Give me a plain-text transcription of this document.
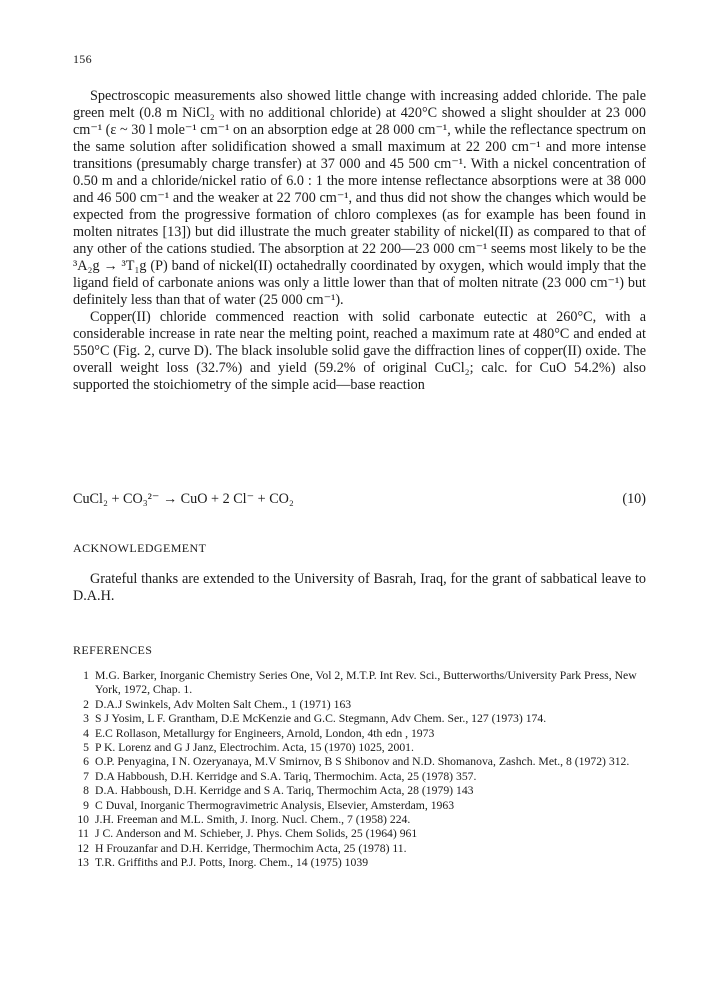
156

Spectroscopic measurements also showed little change with increasing added chloride. The pale green melt (0.8 m NiCl₂ with no additional chloride) at 420°C showed a slight shoulder at 23 000 cm⁻¹ (ε ~ 30 l mole⁻¹ cm⁻¹ on an absorption edge at 28 000 cm⁻¹, while the reflectance spectrum on the same solution after solidification showed a small maximum at 22 200 cm⁻¹ and more intense transitions (presumably charge transfer) at 37 000 and 45 500 cm⁻¹. With a nickel concentration of 0.50 m and a chloride/nickel ratio of 6.0 : 1 the more intense reflectance absorptions were at 38 000 and 46 500 cm⁻¹ and the weaker at 22 700 cm⁻¹, and thus did not show the changes which would be expected from the progressive formation of chloro complexes (as for example has been found in molten nitrates [13]) but did illustrate the much greater stability of nickel(II) as compared to that of any other of the cations studied. The absorption at 22 200—23 000 cm⁻¹ seems most likely to be the ³A₂g → ³T₁g (P) band of nickel(II) octahedrally coordinated by oxygen, which would imply that the ligand field of carbonate anions was only a little lower than that of molten nitrate (23 000 cm⁻¹) but definitely less than that of water (25 000 cm⁻¹).

Copper(II) chloride commenced reaction with solid carbonate eutectic at 260°C, with a considerable increase in rate near the melting point, reached a maximum rate at 480°C and ended at 550°C (Fig. 2, curve D). The black insoluble solid gave the diffraction lines of copper(II) oxide. The overall weight loss (32.7%) and yield (59.2% of original CuCl₂; calc. for CuO 54.2%) also supported the stoichiometry of the simple acid—base reaction

CuCl₂ + CO₃²⁻ → CuO + 2 Cl⁻ + CO₂	(10)
ACKNOWLEDGEMENT
Grateful thanks are extended to the University of Basrah, Iraq, for the grant of sabbatical leave to D.A.H.
REFERENCES
1 M.G. Barker, Inorganic Chemistry Series One, Vol 2, M.T.P. Int Rev. Sci., Butterworths/University Park Press, New York, 1972, Chap. 1.
2 D.A.J Swinkels, Adv Molten Salt Chem., 1 (1971) 163
3 S J Yosim, L F. Grantham, D.E McKenzie and G.C. Stegmann, Adv Chem. Ser., 127 (1973) 174.
4 E.C Rollason, Metallurgy for Engineers, Arnold, London, 4th edn , 1973
5 P K. Lorenz and G J Janz, Electrochim. Acta, 15 (1970) 1025, 2001.
6 O.P. Penyagina, I N. Ozeryanaya, M.V Smirnov, B S Shibonov and N.D. Shomanova, Zashch. Met., 8 (1972) 312.
7 D.A Habboush, D.H. Kerridge and S.A. Tariq, Thermochim. Acta, 25 (1978) 357.
8 D.A. Habboush, D.H. Kerridge and S A. Tariq, Thermochim Acta, 28 (1979) 143
9 C Duval, Inorganic Thermogravimetric Analysis, Elsevier, Amsterdam, 1963
10 J.H. Freeman and M.L. Smith, J. Inorg. Nucl. Chem., 7 (1958) 224.
11 J C. Anderson and M. Schieber, J. Phys. Chem Solids, 25 (1964) 961
12 H Frouzanfar and D.H. Kerridge, Thermochim Acta, 25 (1978) 11.
13 T.R. Griffiths and P.J. Potts, Inorg. Chem., 14 (1975) 1039
